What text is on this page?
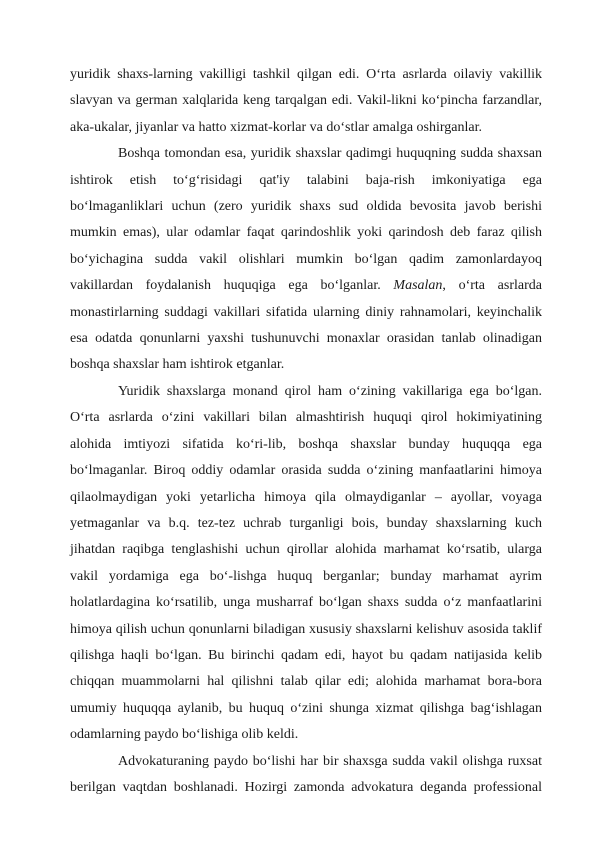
yuridik shaxs-larning vakilligi tashkil qilgan edi. O‘rta asrlarda oilaviy vakillik slavyan va german xalqlarida keng tarqalgan edi. Vakil-likni ko‘pincha farzandlar, aka-ukalar, jiyanlar va hatto xizmat-korlar va do‘stlar amalga oshirganlar.

Boshqa tomondan esa, yuridik shaxslar qadimgi huquqning sudda shaxsan ishtirok etish to‘g‘risidagi qat'iy talabini baja-rish imkoniyatiga ega bo‘lmaganliklari uchun (zero yuridik shaxs sud oldida bevosita javob berishi mumkin emas), ular odamlar faqat qarindoshlik yoki qarindosh deb faraz qilish bo‘yichagina sudda vakil olishlari mumkin bo‘lgan qadim zamonlardayoq vakillardan foydalanish huquqiga ega bo‘lganlar. Masalan, o‘rta asrlarda monastirlarning suddagi vakillari sifatida ularning diniy rahnamolari, keyinchalik esa odatda qonunlarni yaxshi tushunuvchi monaxlar orasidan tanlab olinadigan boshqa shaxslar ham ishtirok etganlar.

Yuridik shaxslarga monand qirol ham o‘zining vakillariga ega bo‘lgan. O‘rta asrlarda o‘zini vakillari bilan almashtirish huquqi qirol hokimiyatining alohida imtiyozi sifatida ko‘ri-lib, boshqa shaxslar bunday huquqqa ega bo‘lmaganlar. Biroq oddiy odamlar orasida sudda o‘zining manfaatlarini himoya qilaolmaydigan yoki yetarlicha himoya qila olmaydiganlar – ayollar, voyaga yetmaganlar va b.q. tez-tez uchrab turganligi bois, bunday shaxslarning kuch jihatdan raqibga tenglashishi uchun qirollar alohida marhamat ko‘rsatib, ularga vakil yordamiga ega bo‘-lishga huquq berganlar; bunday marhamat ayrim holatlardagina ko‘rsatilib, unga musharraf bo‘lgan shaxs sudda o‘z manfaatlarini himoya qilish uchun qonunlarni biladigan xususiy shaxslarni kelishuv asosida taklif qilishga haqli bo‘lgan. Bu birinchi qadam edi, hayot bu qadam natijasida kelib chiqqan muammolarni hal qilishni talab qilar edi; alohida marhamat bora-bora umumiy huquqqa aylanib, bu huquq o‘zini shunga xizmat qilishga bag‘ishlagan odamlarning paydo bo‘lishiga olib keldi.

Advokaturaning paydo bo‘lishi har bir shaxsga sudda vakil olishga ruxsat berilgan vaqtdan boshlanadi. Hozirgi zamonda advokatura deganda professional
